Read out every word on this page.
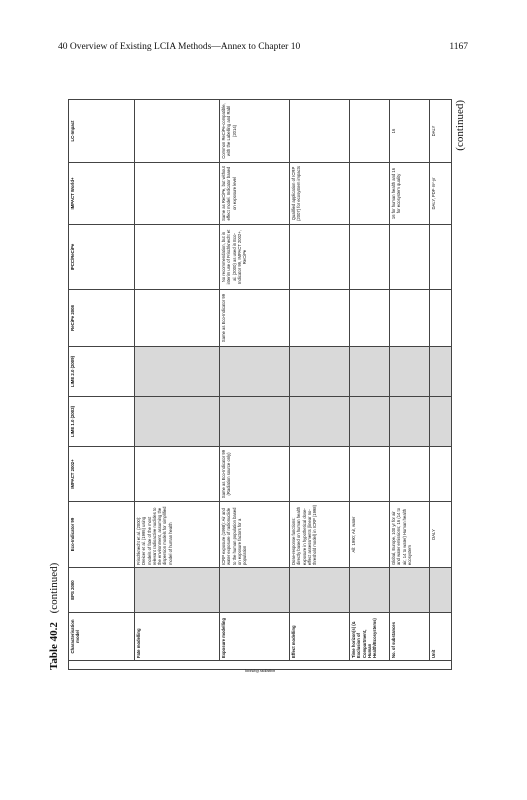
40 Overview of Existing LCIA Methods—Annex to Chapter 10	1167
Table 40.2 (continued)
Ionising radiation	Characterisation model	EPS 2000	Eco-Indicator 99	IMPACT 2002+	LIME 1.0 (2003)	LIME 2.0 (2009)	ReCiPe 2008	IPCC/ReCiPe	IMPACT World+	LC-Impact
	Fate modelling		Frischknecht et al. (2000): Dreicer et al. (1995) using models of fate of the most relevant radioactive nuclides to the environment, assuming the dispersion models for simplified model of human health							
	Exposure modelling		ICRP exposure (1998): Air and water exposure of radionuclide to the human population based on exposure factors for a population	Same as Eco-Indicator 99 (Radiation source only)			Same as Eco-Indicator 99	No recommendation, but in interim use of Frischknecht et al. (2000) as used in Eco-Indicator 99, IMPACT 2002+, ReCiPe	Same as ReCiPe, but without effect model. Indicator based on exposure level	Common ReCiPe-compatible, with the Labelling and Rabl (2014)
	Effect modelling		Dose-response functions: directly based on human health exposure in hypothetical dose-effect assessments (linear no-threshold model) in ICRP (1998)						Qualified application of ICRP (2007) for ecosystem impacts	
	Time horizon(s) (& Exclusion of Compartment, Human Health/Ecosystems)		All: 1990; Air, water							
	No. of substances		Global, Europe, 100 yr for air and water emissions; 16 (14 to air, 14 to water) Human health ecosystem						16 for human health and 16 for ecosystem quality	16
	Unit		DALY						DALY, PDF·m²·yr	DALY (continued)
